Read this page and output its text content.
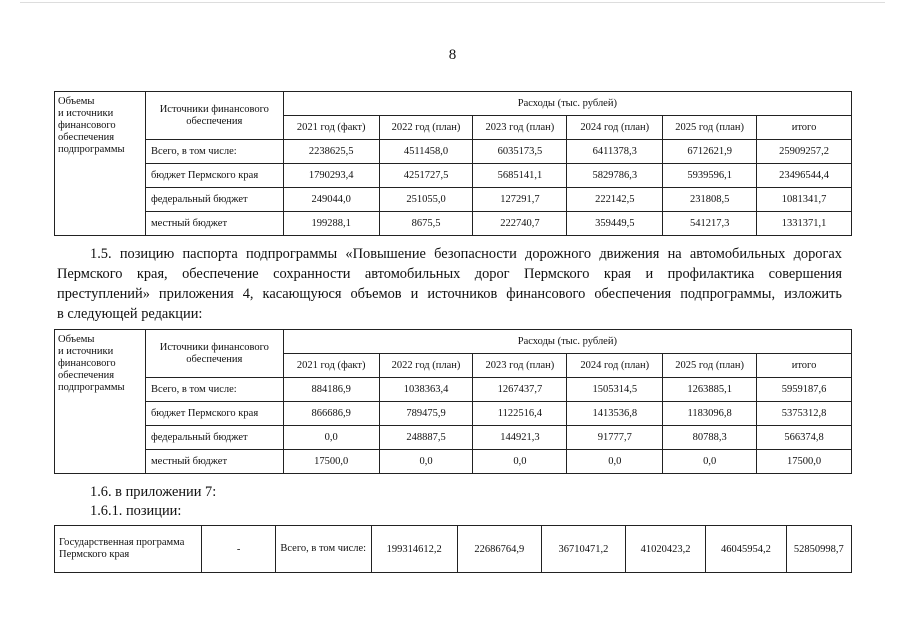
8
Объемы
и источники
финансового
обеспечения
подпрограммы	Источники финансового обеспечения	Расходы (тыс. рублей)					
		2021 год (факт)	2022 год (план)	2023 год (план)	2024 год (план)	2025 год (план)	итого
	Всего, в том числе:	2238625,5	4511458,0	6035173,5	6411378,3	6712621,9	25909257,2
	бюджет Пермского края	1790293,4	4251727,5	5685141,1	5829786,3	5939596,1	23496544,4
	федеральный бюджет	249044,0	251055,0	127291,7	222142,5	231808,5	1081341,7
	местный бюджет	199288,1	8675,5	222740,7	359449,5	541217,3	1331371,1
1.5. позицию паспорта подпрограммы «Повышение безопасности дорожного движения на автомобильных дорогах
Пермского края, обеспечение сохранности автомобильных дорог Пермского края и профилактика совершения
преступлений» приложения 4, касающуюся объемов и источников финансового обеспечения подпрограммы, изложить
в следующей редакции:
Объемы
и источники
финансового
обеспечения
подпрограммы	Источники финансового обеспечения	Расходы (тыс. рублей)					
		2021 год (факт)	2022 год (план)	2023 год (план)	2024 год (план)	2025 год (план)	итого
	Всего, в том числе:	884186,9	1038363,4	1267437,7	1505314,5	1263885,1	5959187,6
	бюджет Пермского края	866686,9	789475,9	1122516,4	1413536,8	1183096,8	5375312,8
	федеральный бюджет	0,0	248887,5	144921,3	91777,7	80788,3	566374,8
	местный бюджет	17500,0	0,0	0,0	0,0	0,0	17500,0
1.6. в приложении 7:
1.6.1. позиции:
Государственная программа Пермского края	-	Всего, в том числе:	199314612,2	22686764,9	36710471,2	41020423,2	46045954,2	52850998,7
